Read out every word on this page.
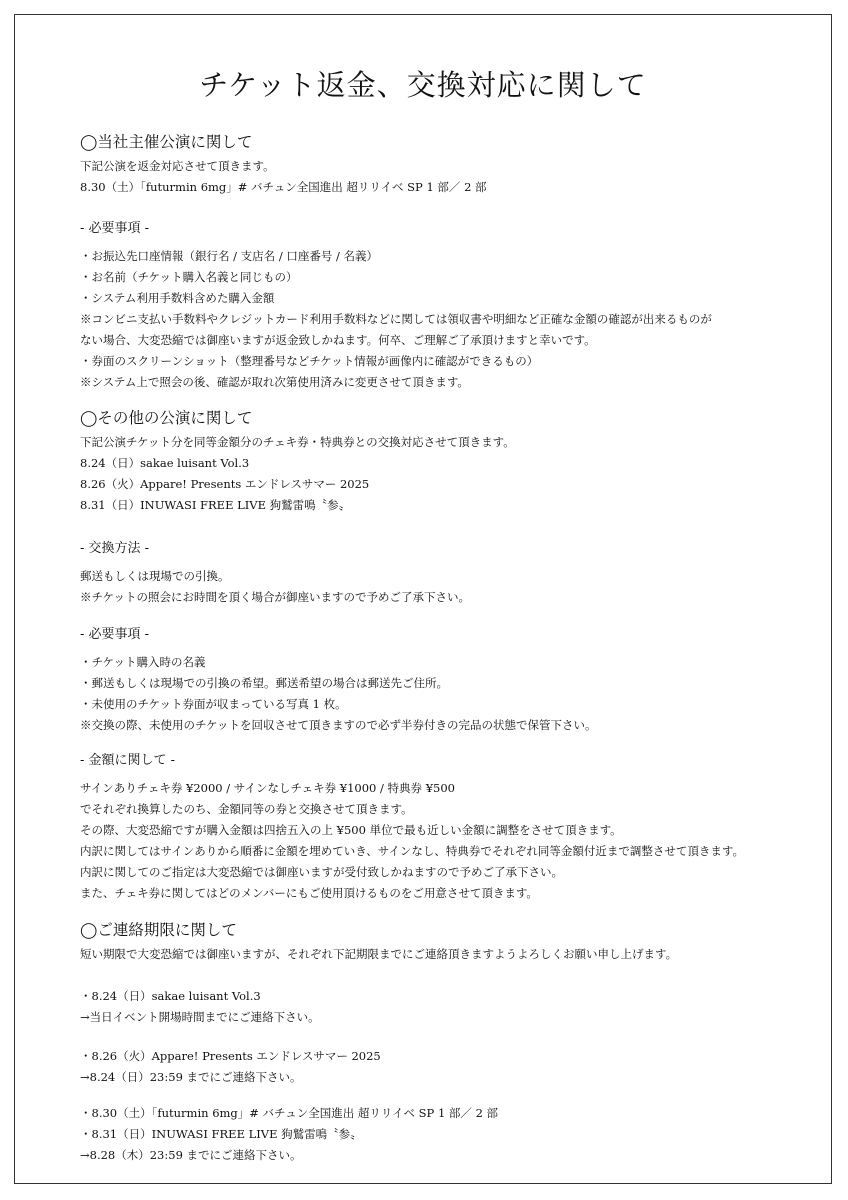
チケット返金、交換対応に関して
◯当社主催公演に関して
下記公演を返金対応させて頂きます。
8.30（土）「futurmin 6mg」# バチュン全国進出 超リリイベ SP 1 部／ 2 部
- 必要事項 -
・お振込先口座情報（銀行名 / 支店名 / 口座番号 / 名義）
・お名前（チケット購入名義と同じもの）
・システム利用手数料含めた購入金額
※コンビニ支払い手数料やクレジットカード利用手数料などに関しては領収書や明細など正確な金額の確認が出来るものが
ない場合、大変恐縮では御座いますが返金致しかねます。何卒、ご理解ご了承頂けますと幸いです。
・券面のスクリーンショット（整理番号などチケット情報が画像内に確認ができるもの）
※システム上で照会の後、確認が取れ次第使用済みに変更させて頂きます。
◯その他の公演に関して
下記公演チケット分を同等金額分のチェキ券・特典券との交換対応させて頂きます。
8.24（日）sakae luisant Vol.3
8.26（火）Appare! Presents エンドレスサマー 2025
8.31（日）INUWASI FREE LIVE 狗鷲雷鳴〝参〟
- 交換方法 -
郵送もしくは現場での引換。
※チケットの照会にお時間を頂く場合が御座いますので予めご了承下さい。
- 必要事項 -
・チケット購入時の名義
・郵送もしくは現場での引換の希望。郵送希望の場合は郵送先ご住所。
・未使用のチケット券面が収まっている写真 1 枚。
※交換の際、未使用のチケットを回収させて頂きますので必ず半券付きの完品の状態で保管下さい。
- 金額に関して -
サインありチェキ券 ¥2000 / サインなしチェキ券 ¥1000 / 特典券 ¥500
でそれぞれ換算したのち、金額同等の券と交換させて頂きます。
その際、大変恐縮ですが購入金額は四捨五入の上 ¥500 単位で最も近しい金額に調整をさせて頂きます。
内訳に関してはサインありから順番に金額を埋めていき、サインなし、特典券でそれぞれ同等金額付近まで調整させて頂きます。
内訳に関してのご指定は大変恐縮では御座いますが受付致しかねますので予めご了承下さい。
また、チェキ券に関してはどのメンバーにもご使用頂けるものをご用意させて頂きます。
◯ご連絡期限に関して
短い期限で大変恐縮では御座いますが、それぞれ下記期限までにご連絡頂きますようよろしくお願い申し上げます。
・8.24（日）sakae luisant Vol.3
→当日イベント開場時間までにご連絡下さい。
・8.26（火）Appare! Presents エンドレスサマー 2025
→8.24（日）23:59 までにご連絡下さい。
・8.30（土）「futurmin 6mg」# バチュン全国進出 超リリイベ SP 1 部／ 2 部
・8.31（日）INUWASI FREE LIVE 狗鷲雷鳴〝参〟
→8.28（木）23:59 までにご連絡下さい。
